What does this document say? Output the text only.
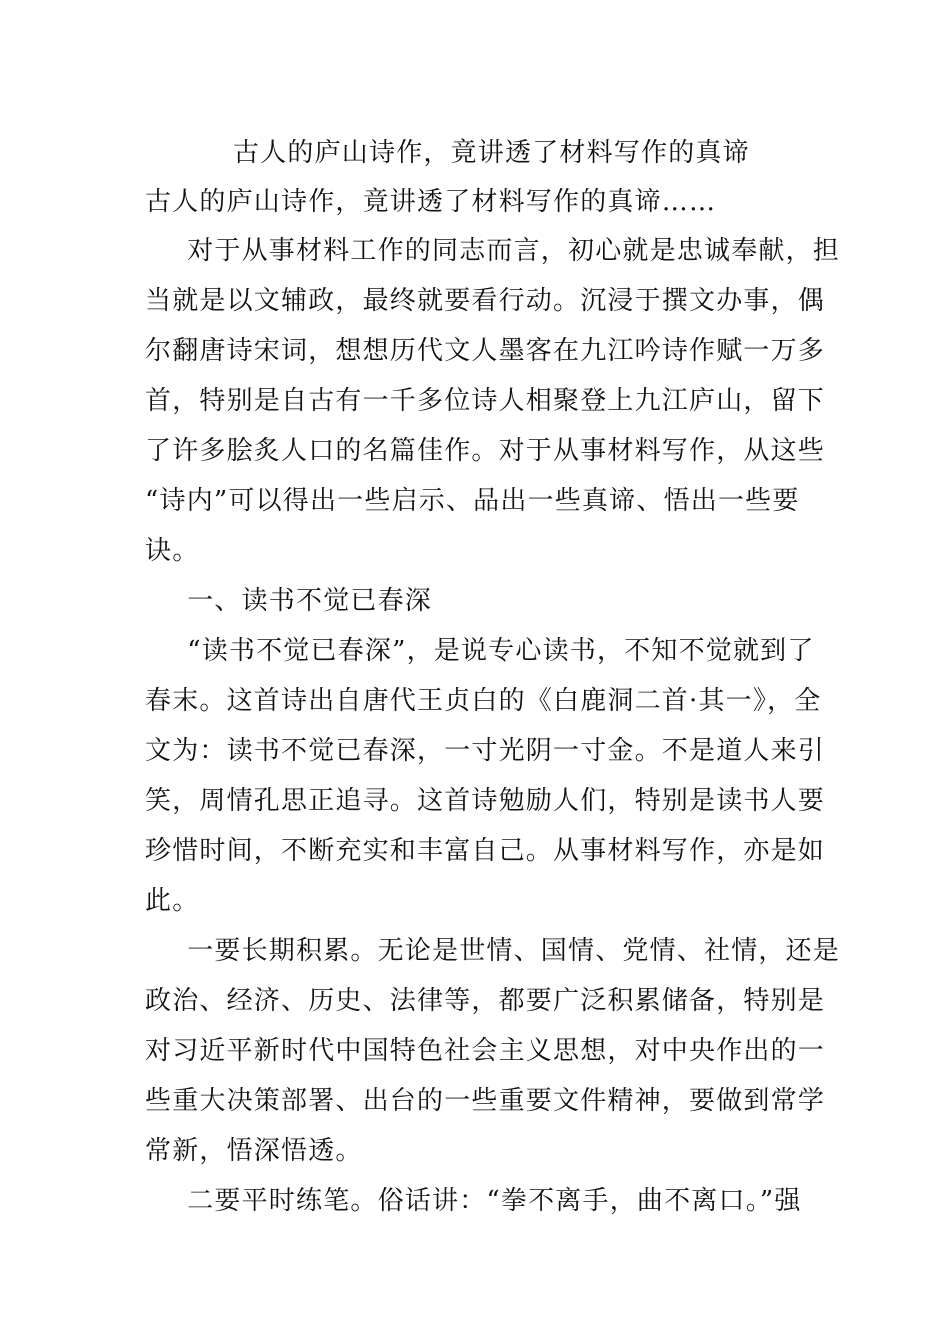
古人的庐山诗作，竟讲透了材料写作的真谛

古人的庐山诗作，竟讲透了材料写作的真谛……

　对于从事材料工作的同志而言，初心就是忠诚奉献，担

当就是以文辅政，最终就要看行动。沉浸于撰文办事，偶

尔翻唐诗宋词，想想历代文人墨客在九江吟诗作赋一万多

首，特别是自古有一千多位诗人相聚登上九江庐山，留下

了许多脍炙人口的名篇佳作。对于从事材料写作，从这些

“诗内”可以得出一些启示、品出一些真谛、悟出一些要

诀。

　一、读书不觉已春深

　“读书不觉已春深”，是说专心读书，不知不觉就到了

春末。这首诗出自唐代王贞白的《白鹿洞二首·其一》，全

文为：读书不觉已春深，一寸光阴一寸金。不是道人来引

笑，周情孔思正追寻。这首诗勉励人们，特别是读书人要

珍惜时间，不断充实和丰富自己。从事材料写作，亦是如

此。

　一要长期积累。无论是世情、国情、党情、社情，还是

政治、经济、历史、法律等，都要广泛积累储备，特别是

对习近平新时代中国特色社会主义思想，对中央作出的一

些重大决策部署、出台的一些重要文件精神，要做到常学

常新，悟深悟透。

　二要平时练笔。俗话讲：“拳不离手，曲不离口。”强
